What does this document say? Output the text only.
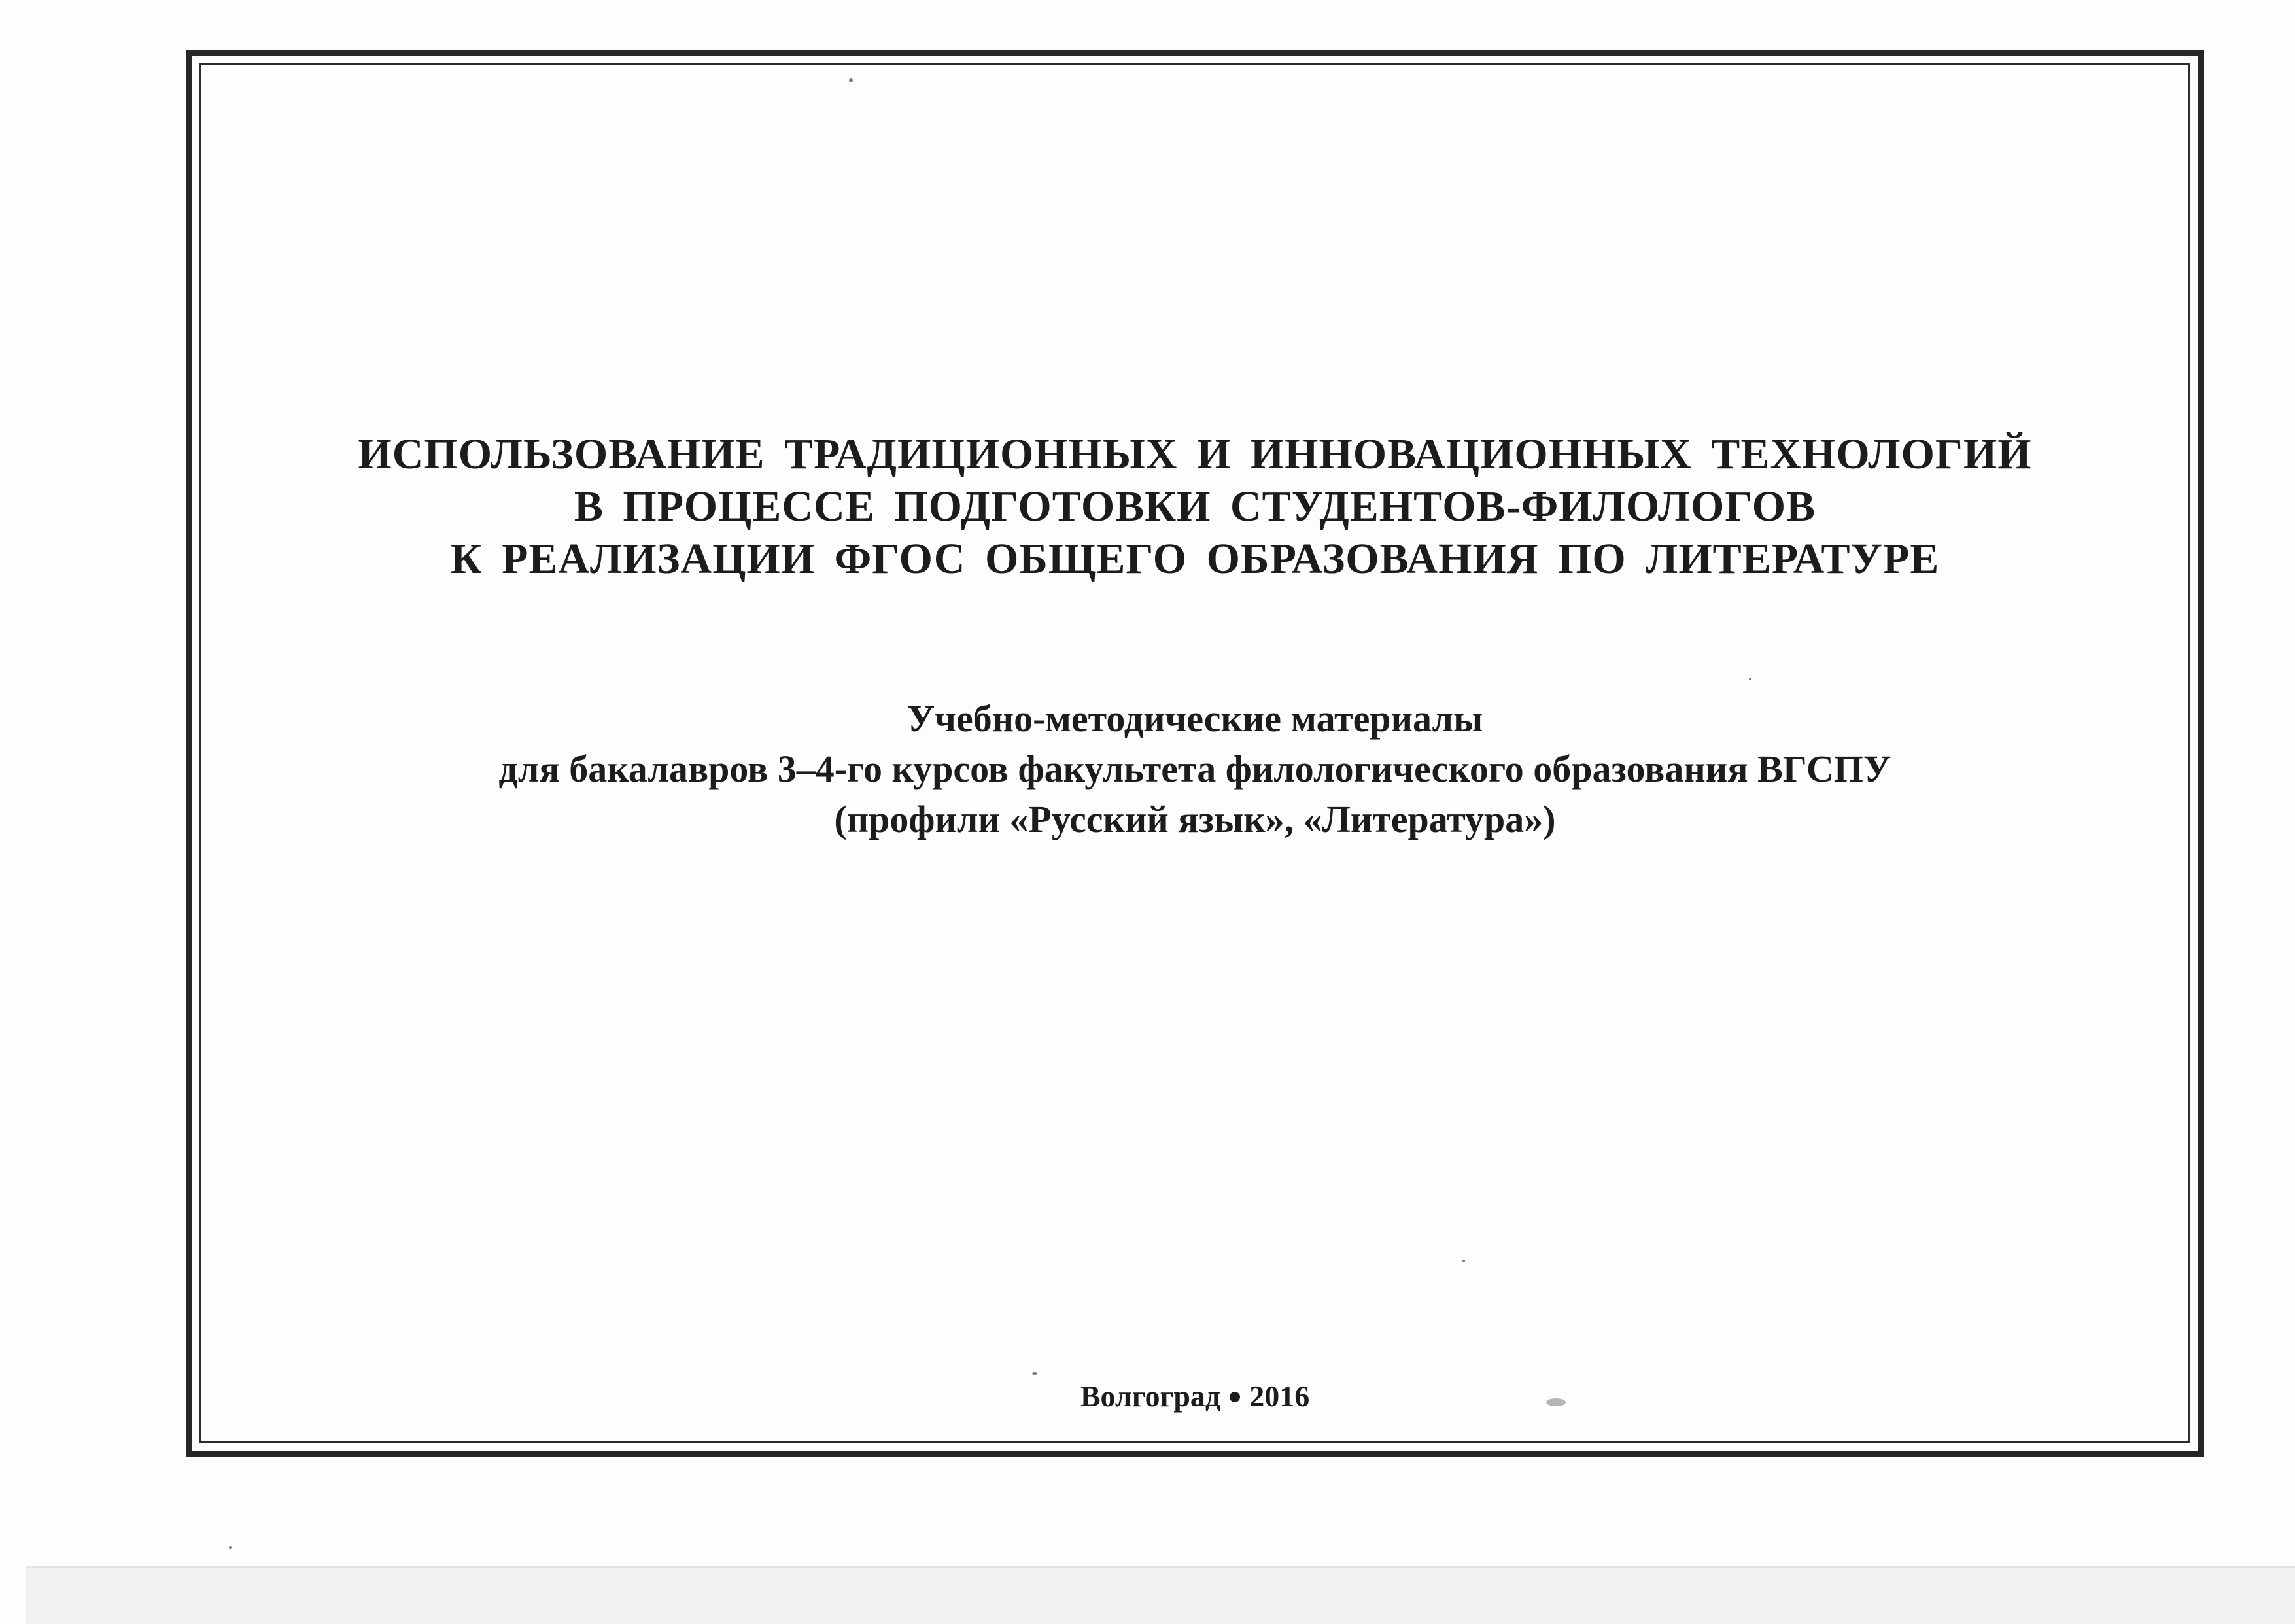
ИСПОЛЬЗОВАНИЕ ТРАДИЦИОННЫХ И ИННОВАЦИОННЫХ ТЕХНОЛОГИЙ
В ПРОЦЕССЕ ПОДГОТОВКИ СТУДЕНТОВ-ФИЛОЛОГОВ
К РЕАЛИЗАЦИИ ФГОС ОБЩЕГО ОБРАЗОВАНИЯ ПО ЛИТЕРАТУРЕ
Учебно-методические материалы
для бакалавров 3–4-го курсов факультета филологического образования ВГСПУ
(профили «Русский язык», «Литература»)
Волгоград 2016
